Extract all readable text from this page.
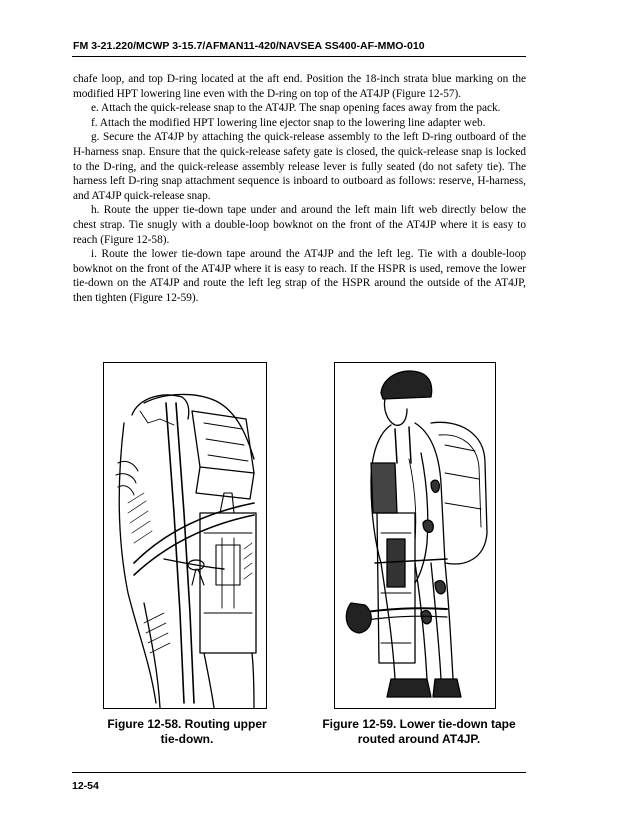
FM 3-21.220/MCWP 3-15.7/AFMAN11-420/NAVSEA SS400-AF-MMO-010

chafe loop, and top D-ring located at the aft end. Position the 18-inch strata blue marking on the modified HPT lowering line even with the D-ring on top of the AT4JP (Figure 12-57).

e. Attach the quick-release snap to the AT4JP. The snap opening faces away from the pack.

f. Attach the modified HPT lowering line ejector snap to the lowering line adapter web.

g. Secure the AT4JP by attaching the quick-release assembly to the left D-ring outboard of the H-harness snap. Ensure that the quick-release safety gate is closed, the quick-release snap is locked to the D-ring, and the quick-release assembly release lever is fully seated (do not safety tie). The harness left D-ring snap attachment sequence is inboard to outboard as follows: reserve, H-harness, and AT4JP quick-release snap.

h. Route the upper tie-down tape under and around the left main lift web directly below the chest strap. Tie snugly with a double-loop bowknot on the front of the AT4JP where it is easy to reach (Figure 12-58).

i. Route the lower tie-down tape around the AT4JP and the left leg. Tie with a double-loop bowknot on the front of the AT4JP where it is easy to reach. If the HSPR is used, remove the lower tie-down on the AT4JP and route the left leg strap of the HSPR around the outside of the AT4JP, then tighten (Figure 12-59).

Figure 12-58. Routing upper
tie-down.
Figure 12-59. Lower tie-down tape
routed around AT4JP.
12-54
